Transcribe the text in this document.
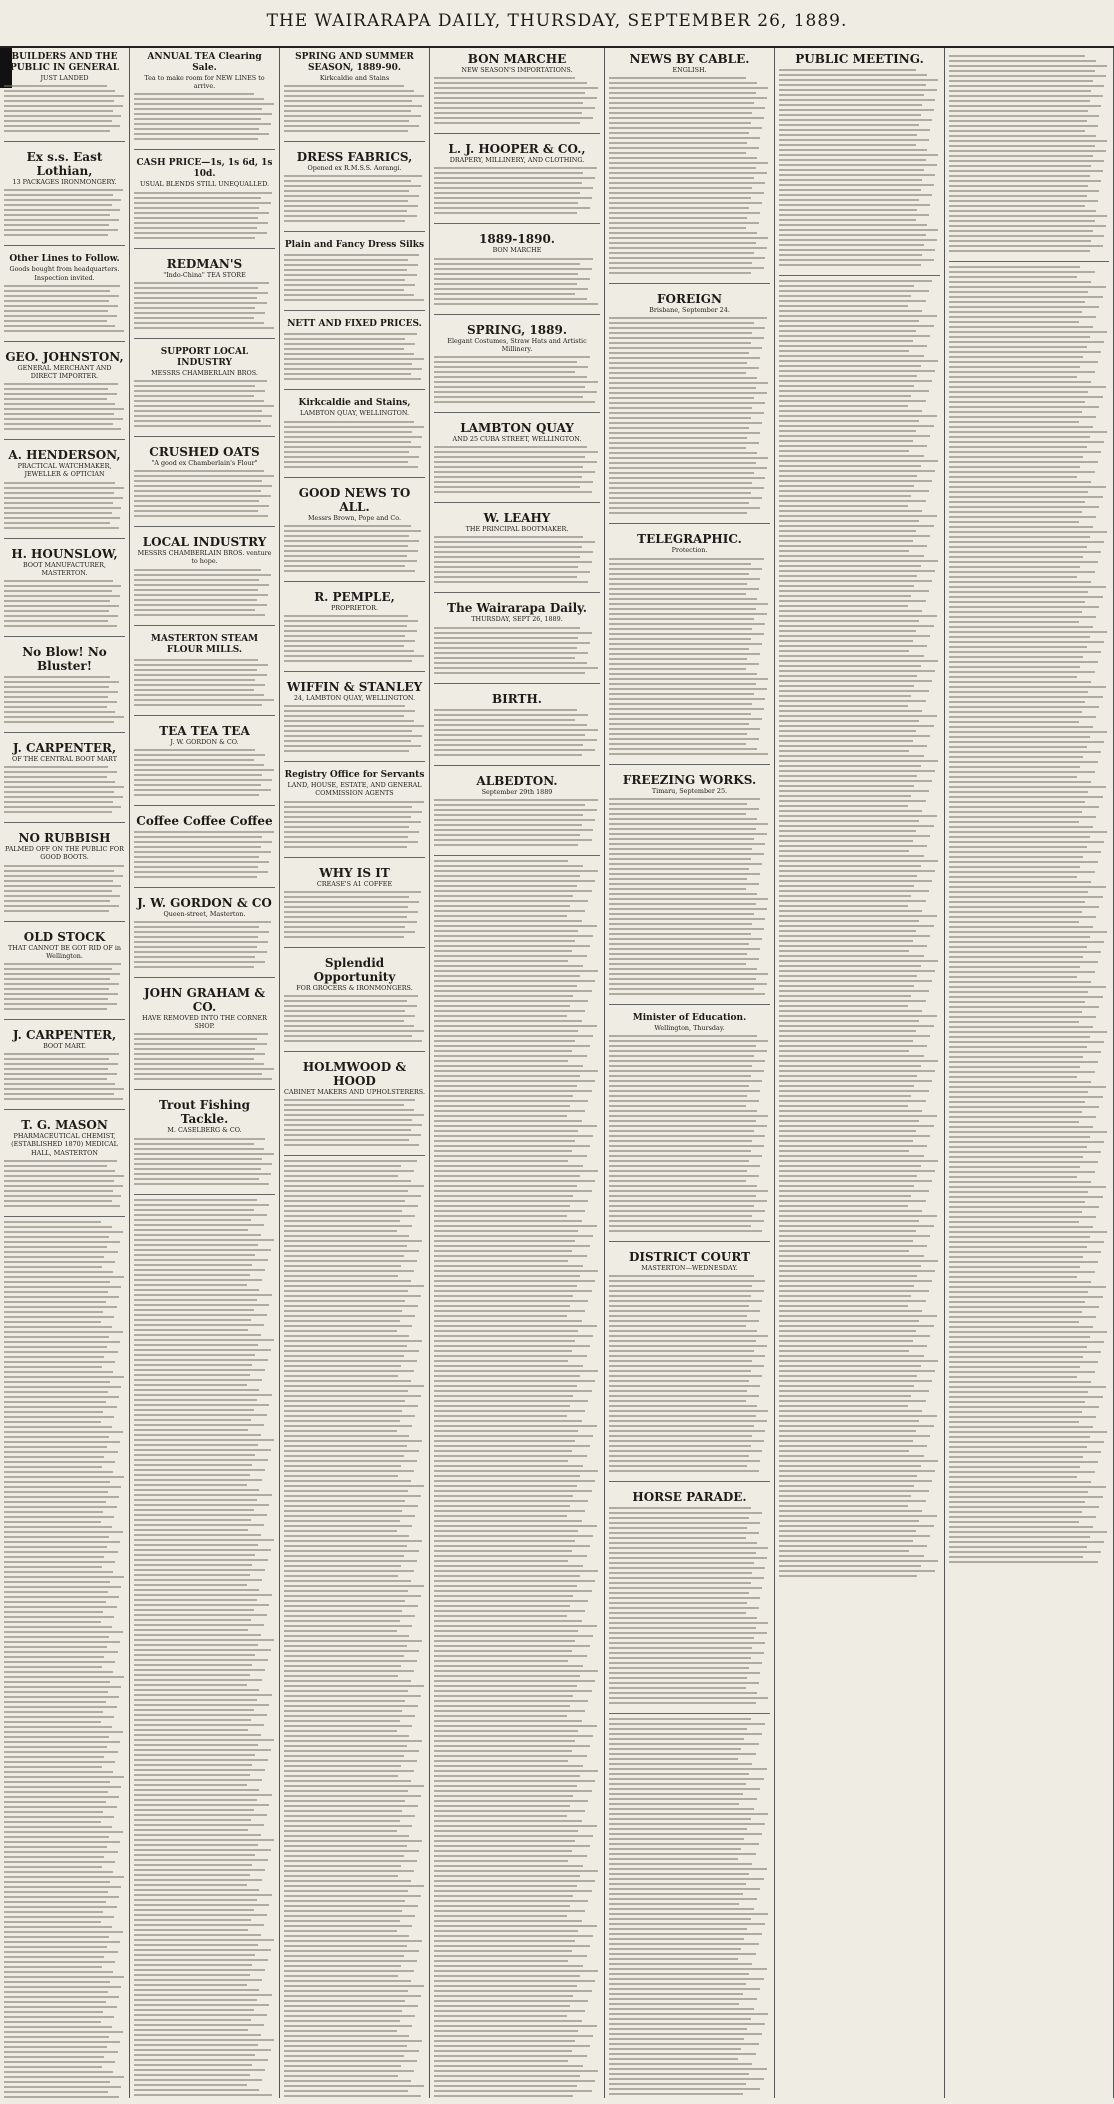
THE WAIRARAPA DAILY, THURSDAY, SEPTEMBER 26, 1889.
BUILDERS AND THE PUBLIC IN GENERAL
JUST LANDED
Ex s.s. East Lothian,
13 PACKAGES IRONMONGERY.
Other Lines to Follow.
Goods bought from headquarters. Inspection invited.
GEO. JOHNSTON,
GENERAL MERCHANT AND DIRECT IMPORTER.
A. HENDERSON,
PRACTICAL WATCHMAKER, JEWELLER & OPTICIAN
H. HOUNSLOW,
BOOT MANUFACTURER, MASTERTON.
No Blow! No Bluster!
J. CARPENTER,
OF THE CENTRAL BOOT MART
NO RUBBISH
PALMED OFF ON THE PUBLIC FOR GOOD BOOTS.
OLD STOCK
THAT CANNOT BE GOT RID OF in Wellington.
J. CARPENTER,
BOOT MART.
T. G. MASON
PHARMACEUTICAL CHEMIST, (ESTABLISHED 1870) MEDICAL HALL, MASTERTON
ANNUAL TEA Clearing Sale.
Tea to make room for NEW LINES to arrive.
CASH PRICE—1s, 1s 6d, 1s 10d.
USUAL BLENDS STILL UNEQUALLED.
REDMAN'S
"Indo-China" TEA STORE
SUPPORT LOCAL INDUSTRY
MESSRS CHAMBERLAIN BROS.
CRUSHED OATS
"A good ex Chamberlain's Flour"
LOCAL INDUSTRY
MESSRS CHAMBERLAIN BROS. venture to hope.
MASTERTON STEAM FLOUR MILLS.
TEA TEA TEA
J. W. GORDON & CO.
Coffee Coffee Coffee
J. W. GORDON & CO
Queen-street, Masterton.
JOHN GRAHAM & CO.
HAVE REMOVED INTO THE CORNER SHOP.
Trout Fishing Tackle.
M. CASELBERG & CO.
SPRING AND SUMMER SEASON, 1889-90.
Kirkcaldie and Stains
DRESS FABRICS,
Opened ex R.M.S.S. Aorangi.
Plain and Fancy Dress Silks
NETT AND FIXED PRICES.
Kirkcaldie and Stains,
LAMBTON QUAY, WELLINGTON.
GOOD NEWS TO ALL.
Messrs Brown, Pope and Co.
R. PEMPLE,
PROPRIETOR.
WIFFIN & STANLEY
24, LAMBTON QUAY, WELLINGTON.
Registry Office for Servants
LAND, HOUSE, ESTATE, AND GENERAL COMMISSION AGENTS
WHY IS IT
CREASE'S A1 COFFEE
Splendid Opportunity
FOR GROCERS & IRONMONGERS.
HOLMWOOD & HOOD
CABINET MAKERS AND UPHOLSTERERS.
BON MARCHE
NEW SEASON'S IMPORTATIONS.
L. J. HOOPER & CO.,
DRAPERY, MILLINERY, AND CLOTHING.
1889-1890.
BON MARCHE
SPRING, 1889.
Elegant Costumes, Straw Hats and Artistic Millinery.
LAMBTON QUAY
AND 25 CUBA STREET, WELLINGTON.
W. LEAHY
THE PRINCIPAL BOOTMAKER.
The Wairarapa Daily.
THURSDAY, SEPT 26, 1889.
BIRTH.
ALBEDTON.
September 29th 1889
NEWS BY CABLE.
ENGLISH.
FOREIGN
Brisbane, September 24.
TELEGRAPHIC.
Protection.
FREEZING WORKS.
Timaru, September 25.
Minister of Education.
Wellington, Thursday.
DISTRICT COURT
MASTERTON—WEDNESDAY.
HORSE PARADE.
PUBLIC MEETING.
